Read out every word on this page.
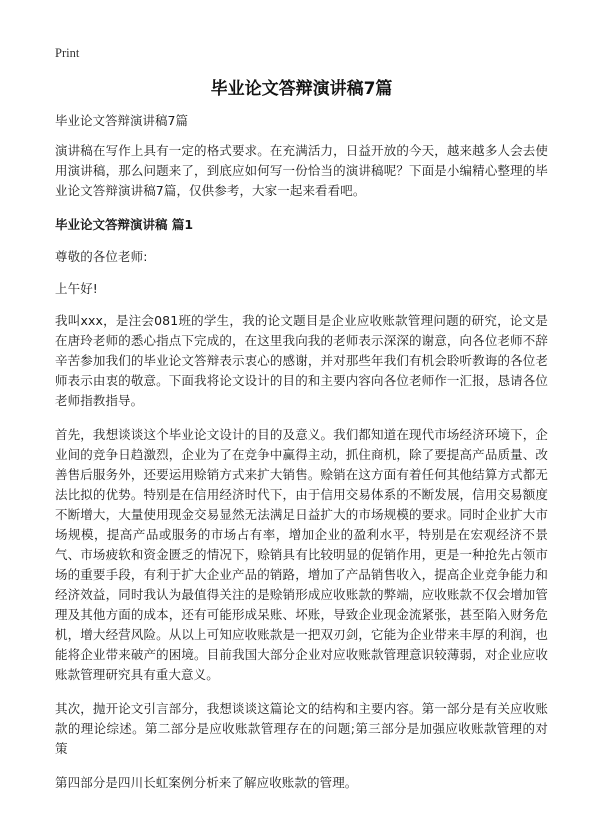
Print
毕业论文答辩演讲稿7篇
毕业论文答辩演讲稿7篇
演讲稿在写作上具有一定的格式要求。在充满活力，日益开放的今天，越来越多人会去使用演讲稿，那么问题来了，到底应如何写一份恰当的演讲稿呢？下面是小编精心整理的毕业论文答辩演讲稿7篇，仅供参考，大家一起来看看吧。
毕业论文答辩演讲稿 篇1
尊敬的各位老师:
上午好!
我叫xxx，是注会081班的学生，我的论文题目是企业应收账款管理问题的研究，论文是在唐玲老师的悉心指点下完成的，在这里我向我的老师表示深深的谢意，向各位老师不辞辛苦参加我们的毕业论文答辩表示衷心的感谢，并对那些年我们有机会聆听教诲的各位老师表示由衷的敬意。下面我将论文设计的目的和主要内容向各位老师作一汇报，恳请各位老师指教指导。
首先，我想谈谈这个毕业论文设计的目的及意义。我们都知道在现代市场经济环境下，企业间的竞争日趋激烈，企业为了在竞争中赢得主动，抓住商机，除了要提高产品质量、改善售后服务外，还要运用赊销方式来扩大销售。赊销在这方面有着任何其他结算方式都无法比拟的优势。特别是在信用经济时代下，由于信用交易体系的不断发展，信用交易额度不断增大，大量使用现金交易显然无法满足日益扩大的市场规模的要求。同时企业扩大市场规模，提高产品或服务的市场占有率，增加企业的盈利水平，特别是在宏观经济不景气、市场疲软和资金匮乏的情况下，赊销具有比较明显的促销作用，更是一种抢先占领市场的重要手段，有利于扩大企业产品的销路，增加了产品销售收入，提高企业竞争能力和经济效益，同时我认为最值得关注的是赊销形成应收账款的弊端，应收账款不仅会增加管理及其他方面的成本，还有可能形成呆账、坏账，导致企业现金流紧张，甚至陷入财务危机，增大经营风险。从以上可知应收账款是一把双刃剑，它能为企业带来丰厚的利润，也能将企业带来破产的困境。目前我国大部分企业对应收账款管理意识较薄弱，对企业应收账款管理研究具有重大意义。
其次，抛开论文引言部分，我想谈谈这篇论文的结构和主要内容。第一部分是有关应收账款的理论综述。第二部分是应收账款管理存在的问题;第三部分是加强应收账款管理的对策
第四部分是四川长虹案例分析来了解应收账款的管理。
